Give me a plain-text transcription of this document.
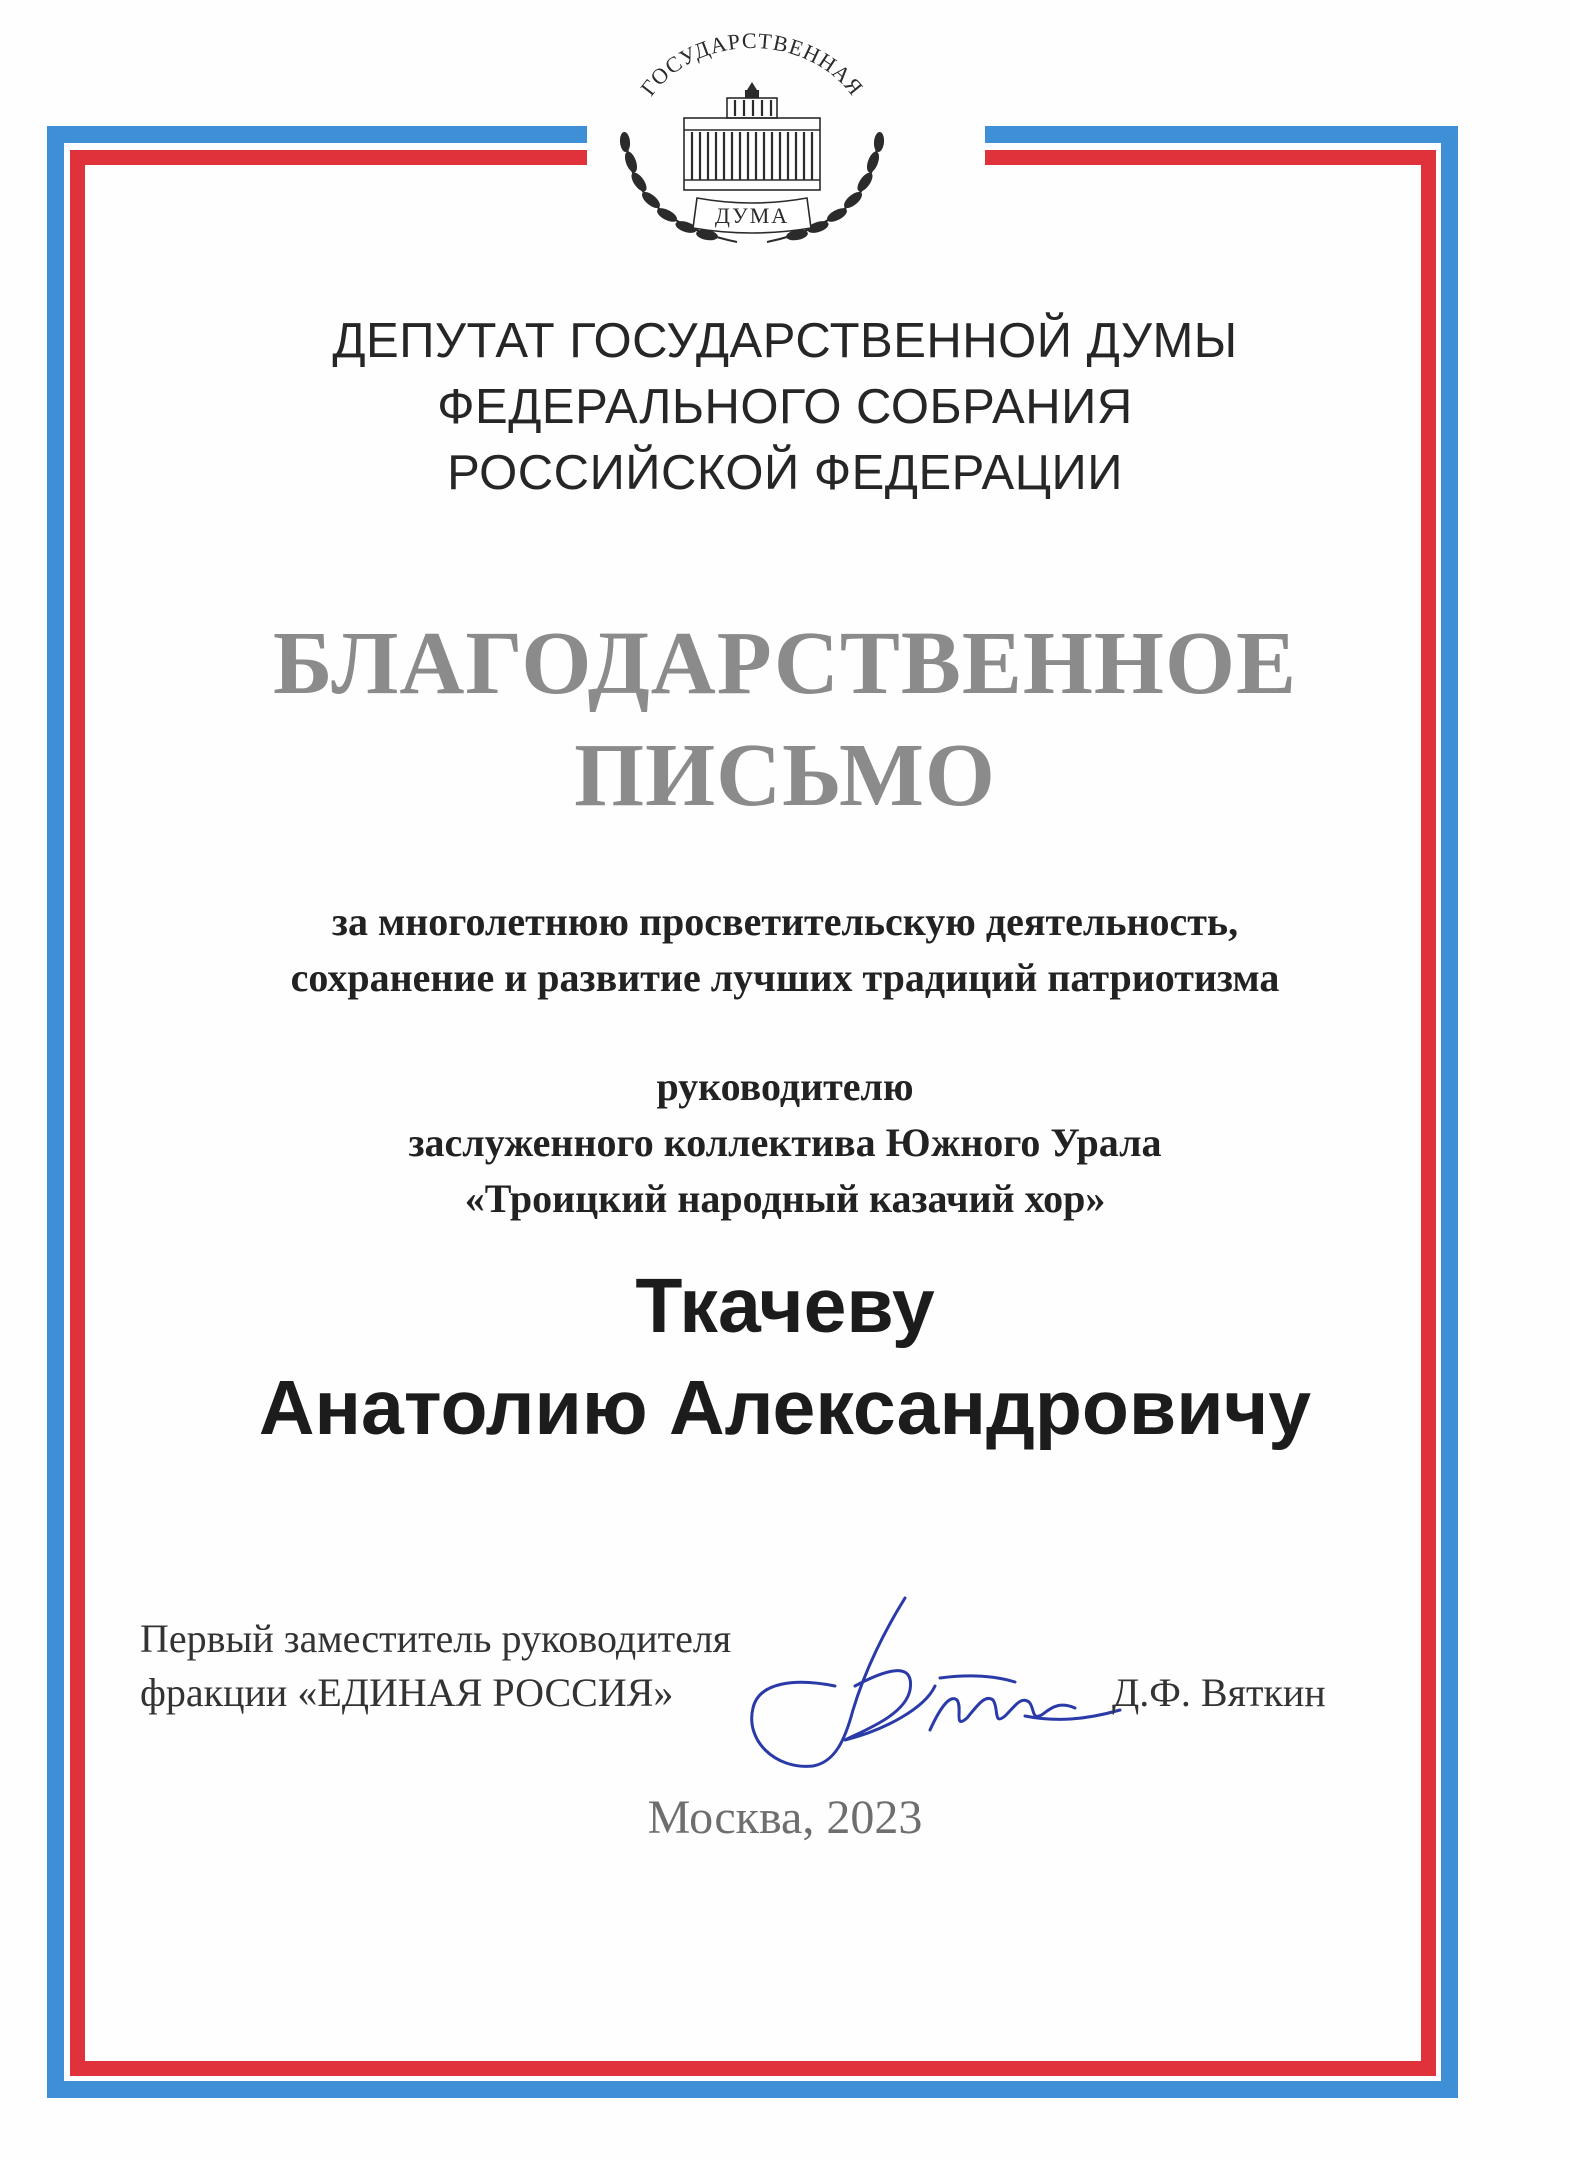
ГОСУДАРСТВЕННАЯ
ДУМА
ДЕПУТАТ ГОСУДАРСТВЕННОЙ ДУМЫ
ФЕДЕРАЛЬНОГО СОБРАНИЯ
РОССИЙСКОЙ ФЕДЕРАЦИИ
БЛАГОДАРСТВЕННОЕ
ПИСЬМО
за многолетнюю просветительскую деятельность,
сохранение и развитие лучших традиций патриотизма
руководителю
заслуженного коллектива Южного Урала
«Троицкий народный казачий хор»
Ткачеву
Анатолию Александровичу
Первый заместитель руководителя
фракции «ЕДИНАЯ РОССИЯ»	Д.Ф. Вяткин
Москва, 2023
